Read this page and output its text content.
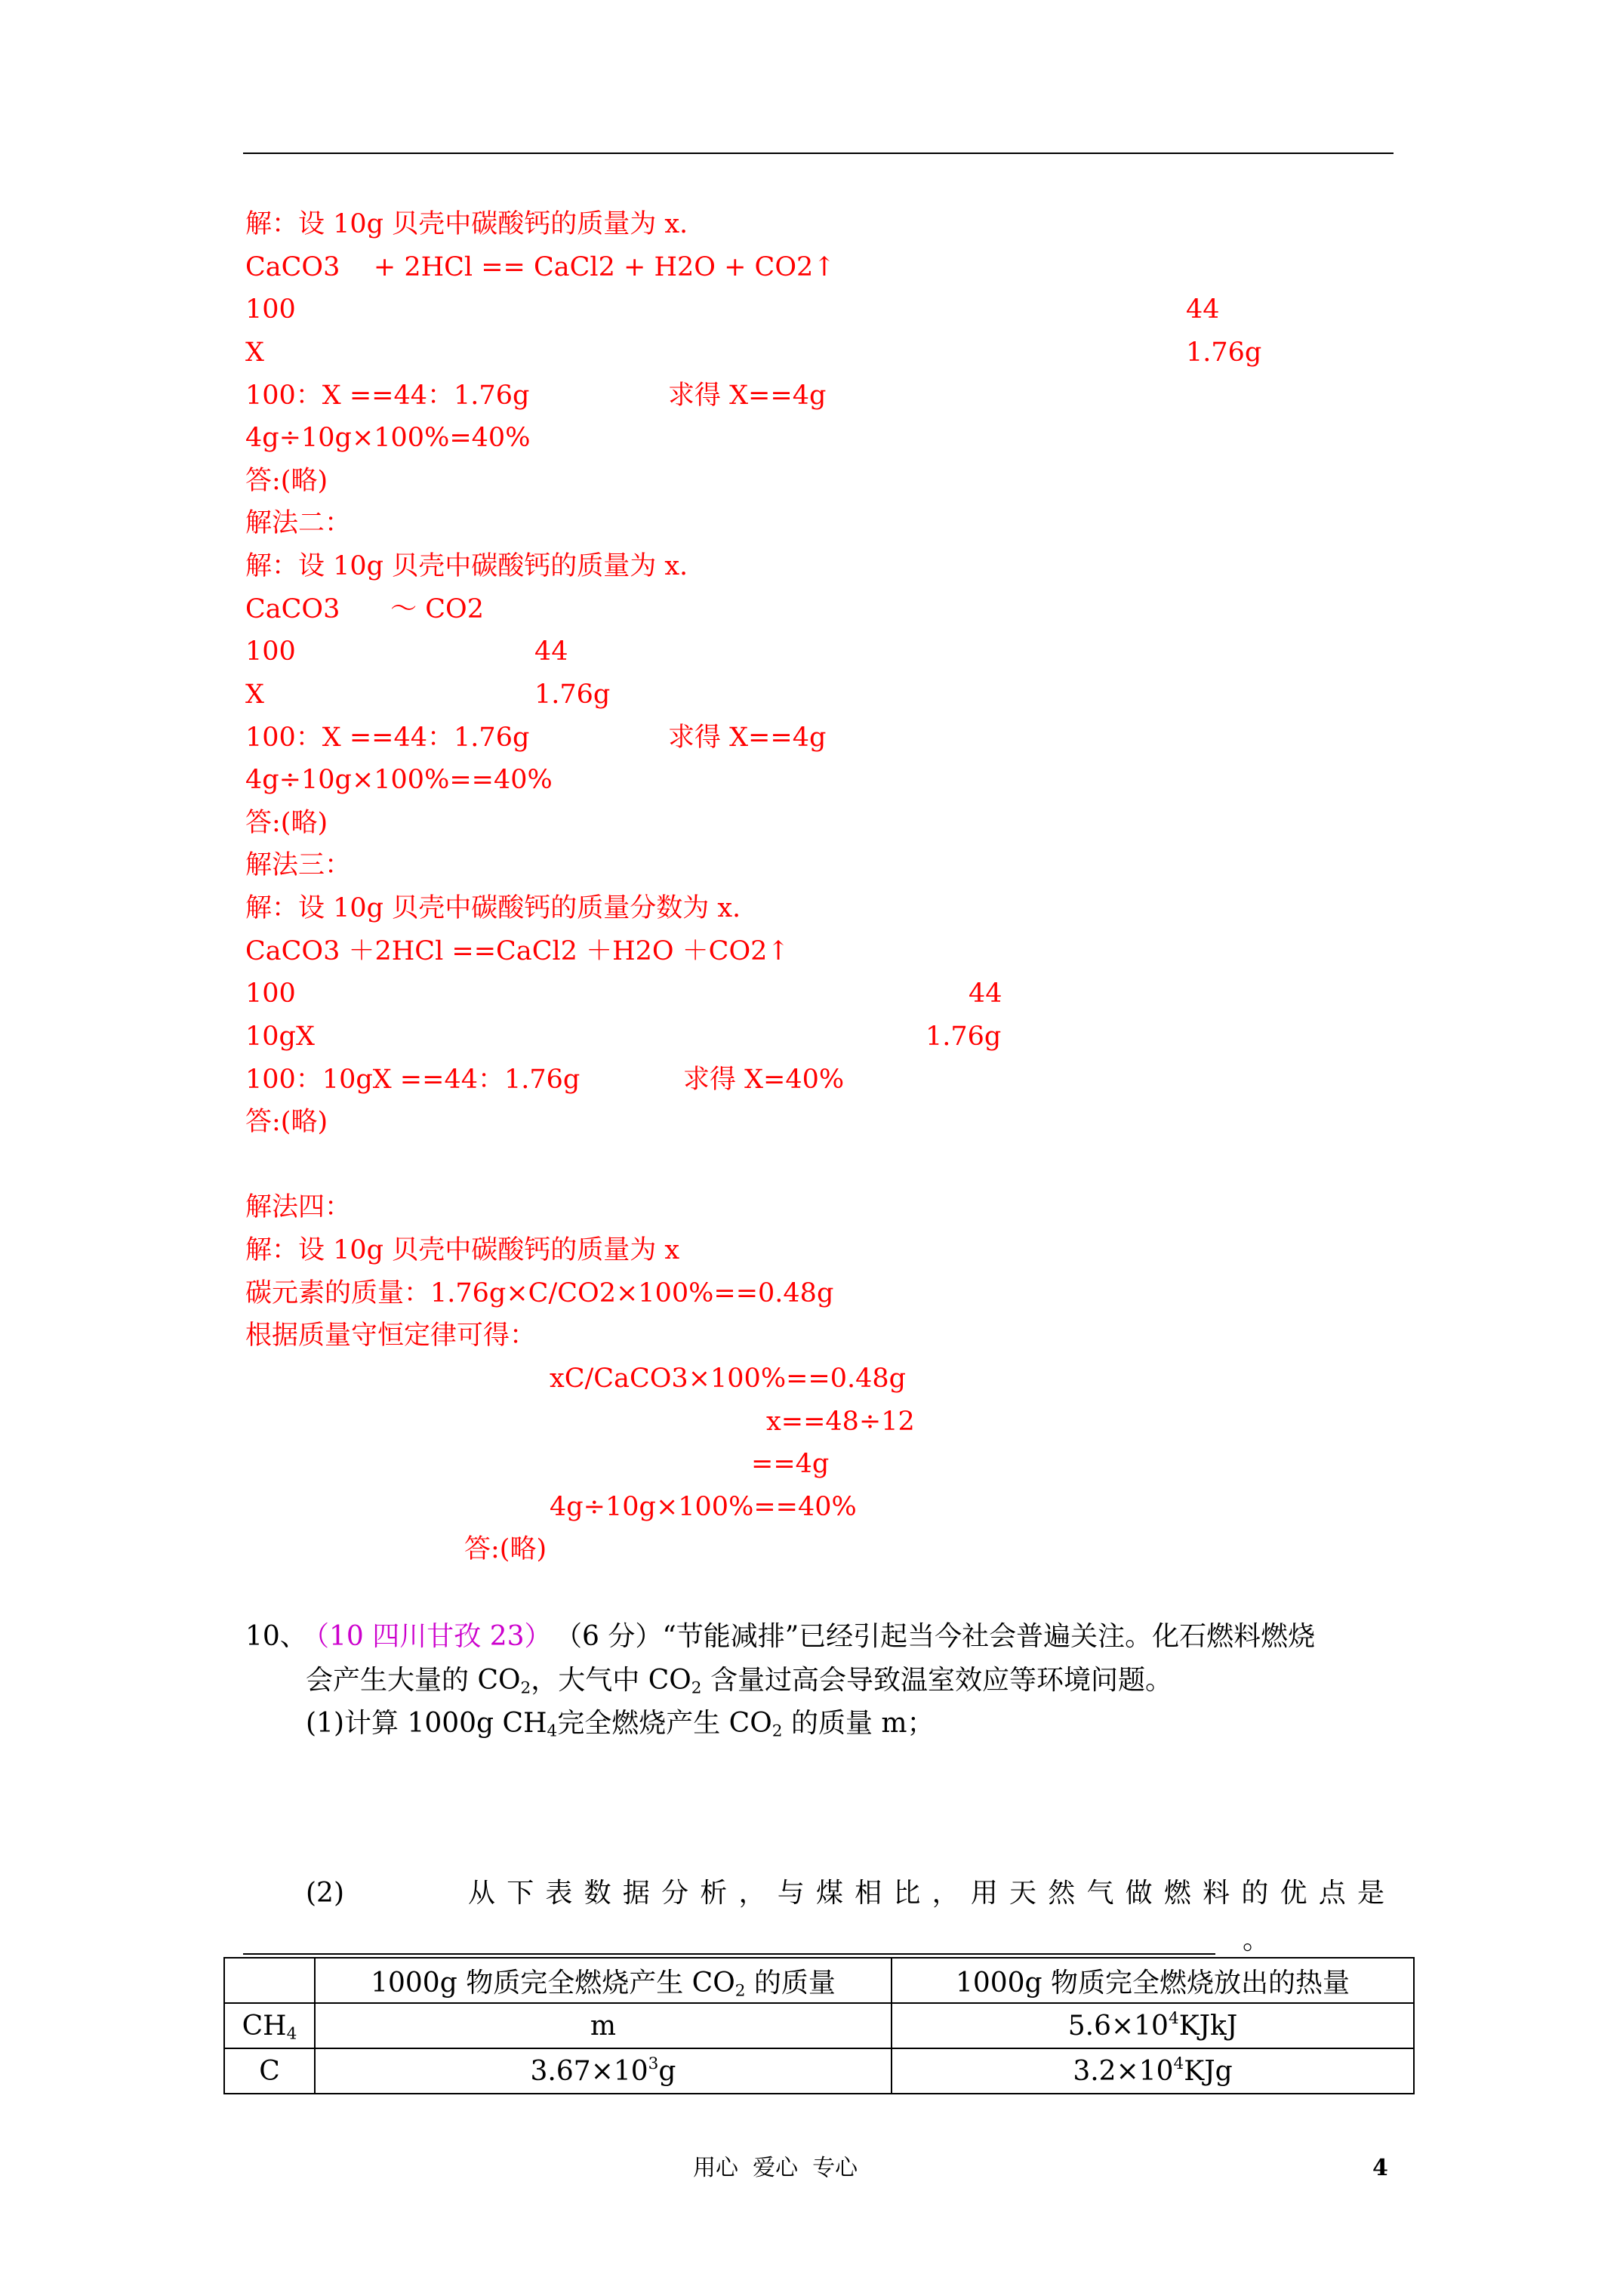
解：设 10g 贝壳中碳酸钙的质量为 x.
CaCO3    + 2HCl == CaCl2 + H2O + CO2↑
100	44
X	1.76g
100：X ==44：1.76g	求得 X==4g
4g÷10g×100%=40%
答:(略)
解法二：
解：设 10g 贝壳中碳酸钙的质量为 x.
CaCO3      ～ CO2
100	44
X	1.76g
100：X ==44：1.76g	求得 X==4g
4g÷10g×100%==40%
答:(略)
解法三：
解：设 10g 贝壳中碳酸钙的质量分数为 x.
CaCO3 ＋2HCl ==CaCl2 ＋H2O ＋CO2↑
100	44
10gX	1.76g
100：10gX ==44：1.76g	求得 X=40%
答:(略)
解法四：
解：设 10g 贝壳中碳酸钙的质量为 x
碳元素的质量：1.76g×C/CO2×100%==0.48g
根据质量守恒定律可得：
xC/CaCO3×100%==0.48g
x==48÷12
==4g
4g÷10g×100%==40%
答:(略)
10、
（10 四川甘孜 23） （6 分）“节能减排”已经引起当今社会普遍关注。化石燃料燃烧
会产生大量的 $CO_2$，大气中 $CO_2$ 含量过高会导致温室效应等环境问题。
(1)计算 1000g $CH_4$完全燃烧产生 $CO_2$ 的质量 m；
(2)	从下表数据分析，与煤相比，用天然气做燃料的优点是
。
	1000g 物质完全燃烧产生 $CO_2$ 的质量	1000g 物质完全燃烧放出的热量
$CH_4$	m	$5.6\times 10^4KJkJ$
C	$3.67\times 10^3g$	$3.2\times 10^4KJg$
用心  爱心  专心	4
